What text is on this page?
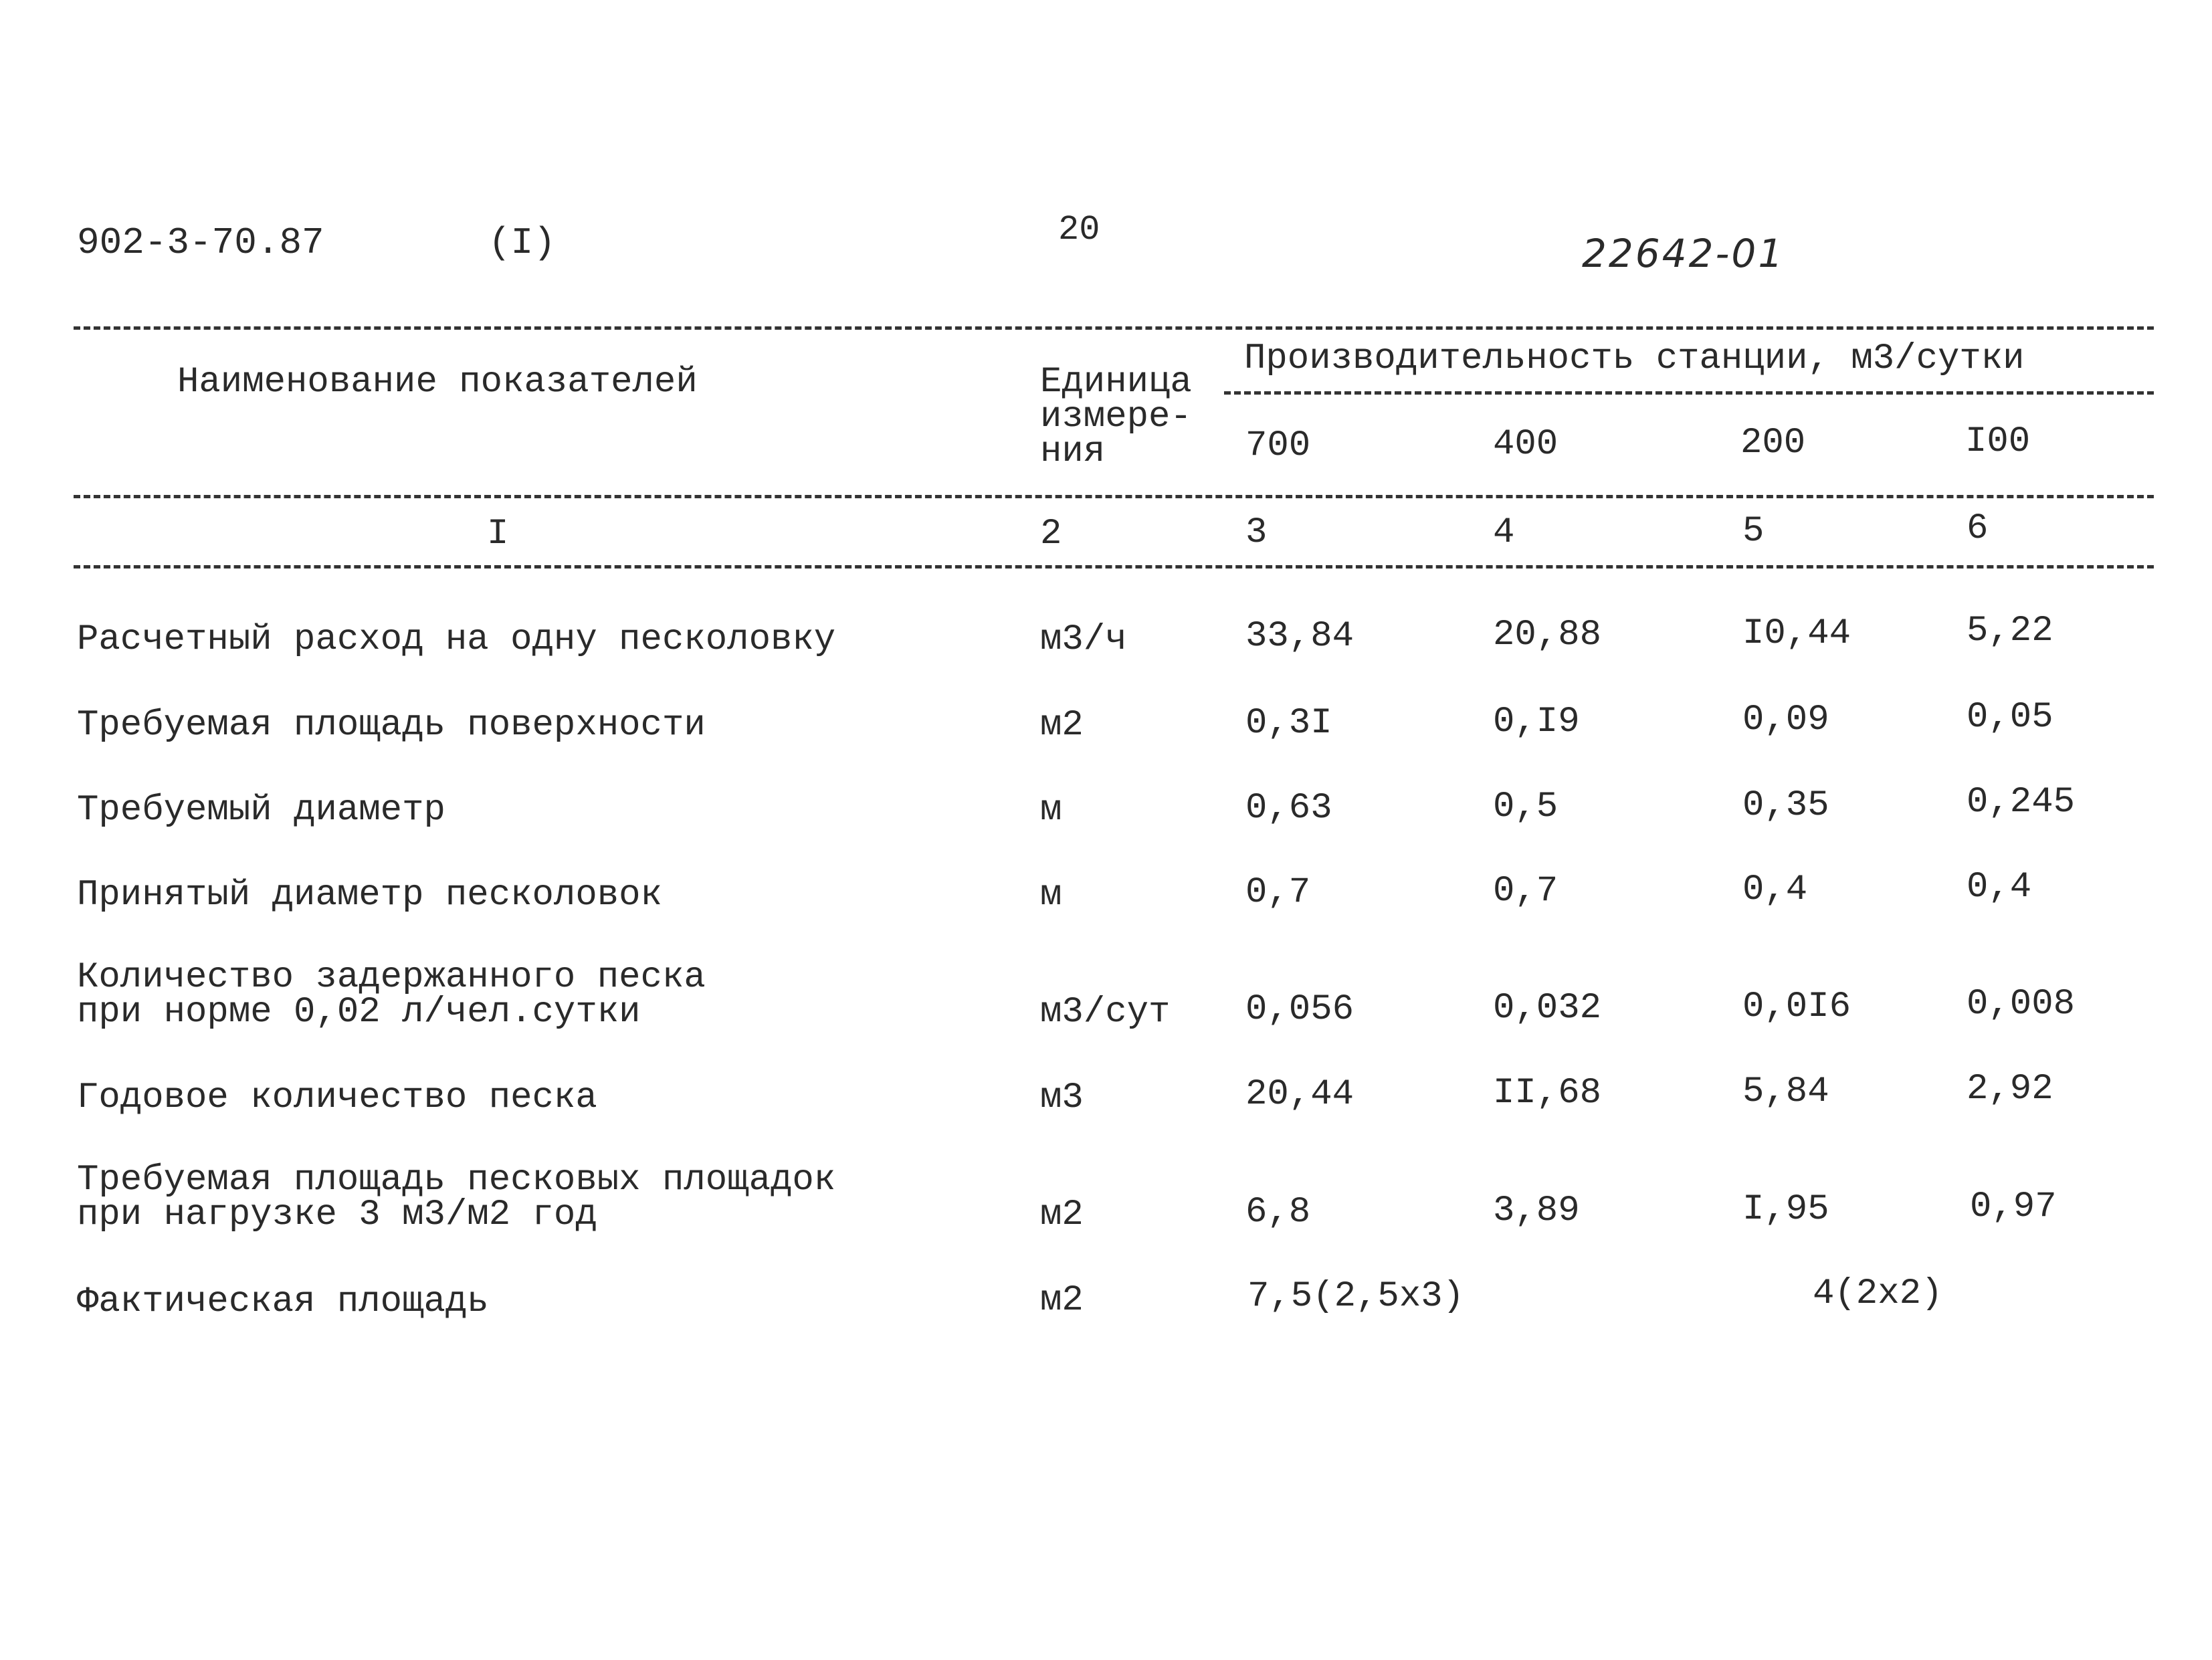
902-3-70.87	(I)	20
22642-01
Наименование показателей	Единица
измере-
ния
Производительность станции, м3/сутки
700	400	200	I00
I	2	3	4	5	6
Расчетный расход на одну песколовку	м3/ч	33,84	20,88	I0,44	5,22
Требуемая площадь поверхности	м2	0,3I	0,I9	0,09	0,05
Требуемый диаметр	м	0,63	0,5	0,35	0,245
Принятый диаметр песколовок	м	0,7	0,7	0,4	0,4
Количество задержанного песка
при норме 0,02 л/чел.сутки	м3/сут 0,056	0,032	0,0I6	0,008
Годовое количество песка	м3	20,44	II,68	5,84	2,92
Требуемая площадь песковых площадок
при нагрузке 3 м3/м2 год	м2	6,8	3,89	I,95	0,97
Фактическая площадь	м2	7,5(2,5x3)	4(2x2)
